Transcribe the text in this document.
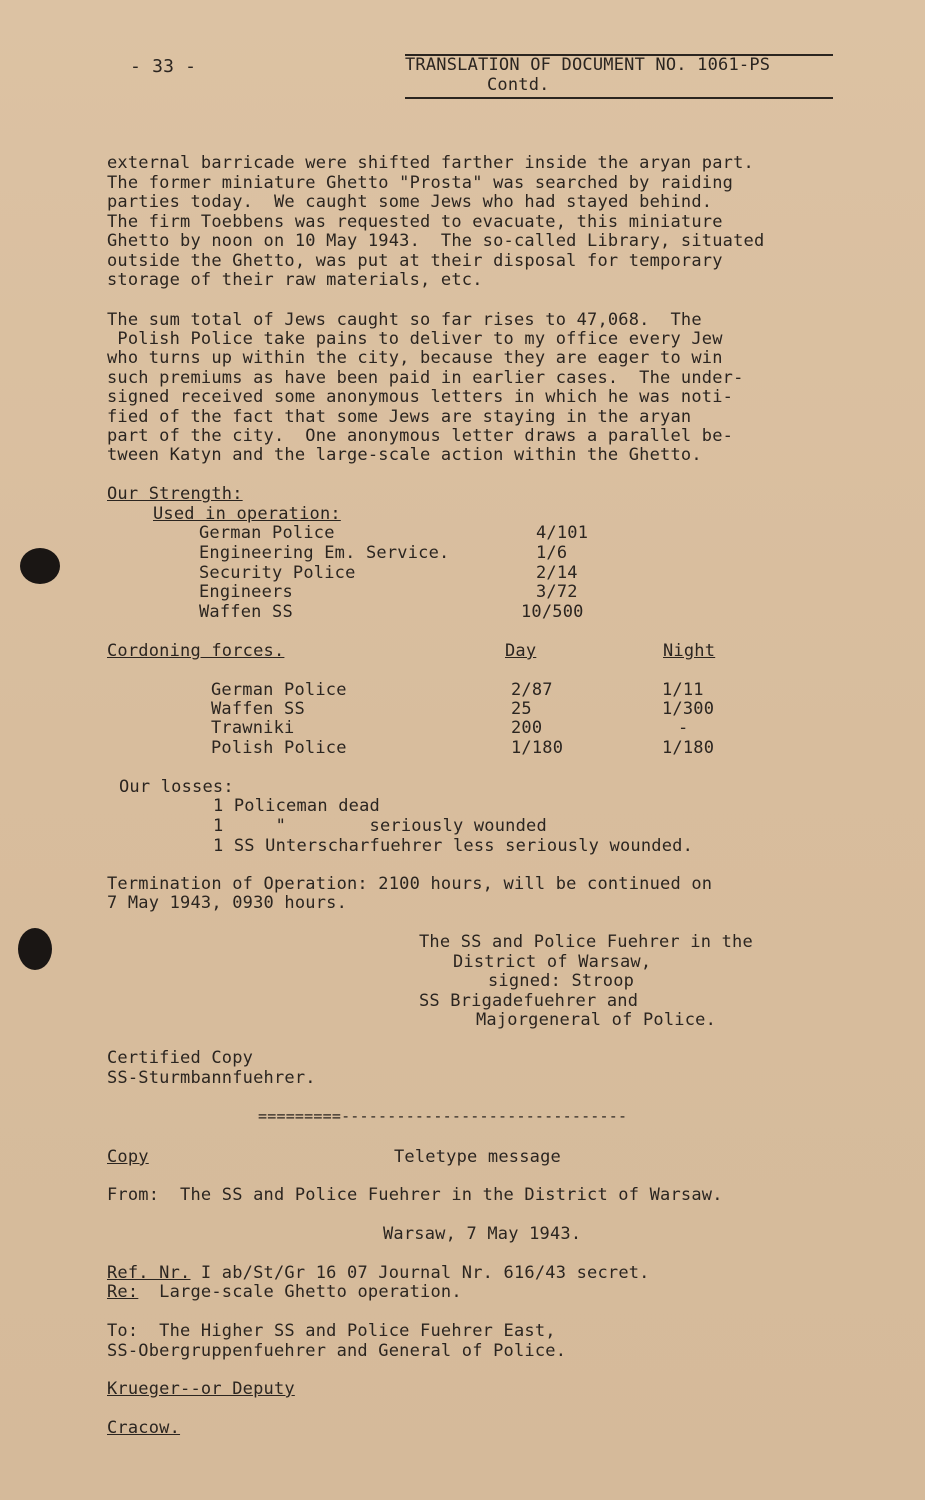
- 33 -	TRANSLATION OF DOCUMENT NO. 1061-PS
Contd.
external barricade were shifted farther inside the aryan part.
The former miniature Ghetto "Prosta" was searched by raiding
parties today.  We caught some Jews who had stayed behind.
The firm Toebbens was requested to evacuate, this miniature
Ghetto by noon on 10 May 1943.  The so-called Library, situated
outside the Ghetto, was put at their disposal for temporary
storage of their raw materials, etc.
The sum total of Jews caught so far rises to 47,068.  The
Polish Police take pains to deliver to my office every Jew
who turns up within the city, because they are eager to win
such premiums as have been paid in earlier cases.  The under-
signed received some anonymous letters in which he was noti-
fied of the fact that some Jews are staying in the aryan
part of the city.  One anonymous letter draws a parallel be-
tween Katyn and the large-scale action within the Ghetto.
Our Strength:
Used in operation:
German Police	4/101
Engineering Em. Service.	1/6
Security Police	2/14
Engineers	3/72
Waffen SS	10/500
Cordoning forces.	Day	Night
German Police	2/87	1/11
Waffen SS	25	1/300
Trawniki	200	-
Polish Police	1/180	1/180
Our losses:
1 Policeman dead
1     "        seriously wounded
1 SS Unterscharfuehrer less seriously wounded.
Termination of Operation: 2100 hours, will be continued on
7 May 1943, 0930 hours.
The SS and Police Fuehrer in the
District of Warsaw,
signed: Stroop
SS Brigadefuehrer and
Majorgeneral of Police.
Certified Copy
SS-Sturmbannfuehrer.
=========-------------------------------
Copy	Teletype message
From:  The SS and Police Fuehrer in the District of Warsaw.
Warsaw, 7 May 1943.
Ref. Nr. I ab/St/Gr 16 07 Journal Nr. 616/43 secret.
Re:  Large-scale Ghetto operation.
To:  The Higher SS and Police Fuehrer East,
SS-Obergruppenfuehrer and General of Police.
Krueger--or Deputy
Cracow.
